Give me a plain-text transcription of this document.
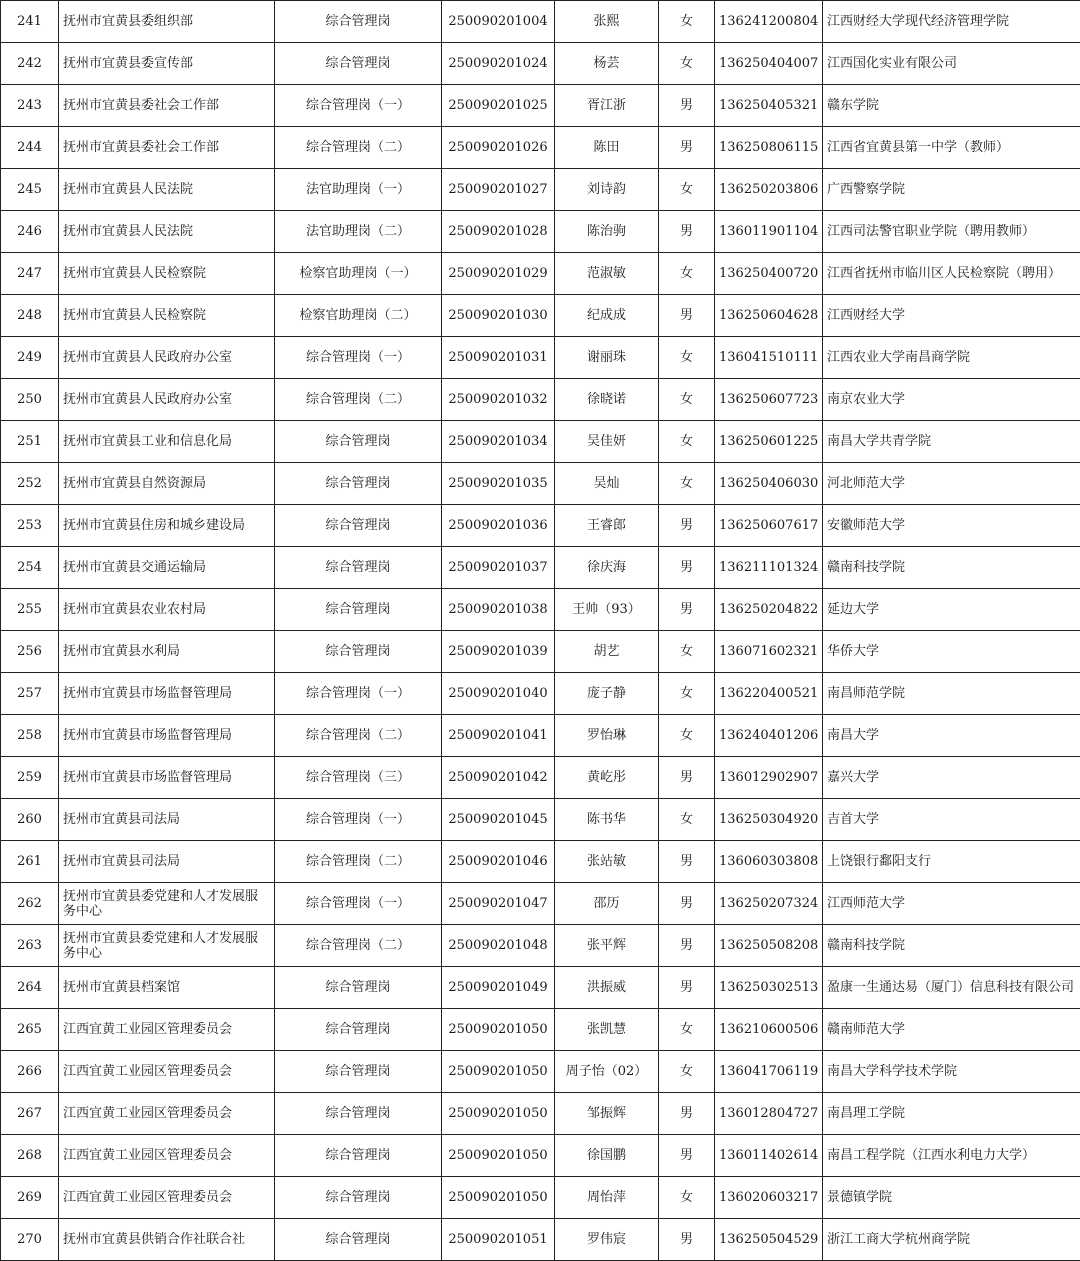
241	抚州市宜黄县委组织部	综合管理岗	250090201004	张熙	女	136241200804	江西财经大学现代经济管理学院
242	抚州市宜黄县委宣传部	综合管理岗	250090201024	杨芸	女	136250404007	江西国化实业有限公司
243	抚州市宜黄县委社会工作部	综合管理岗（一）	250090201025	胥江浙	男	136250405321	赣东学院
244	抚州市宜黄县委社会工作部	综合管理岗（二）	250090201026	陈田	男	136250806115	江西省宜黄县第一中学（教师）
245	抚州市宜黄县人民法院	法官助理岗（一）	250090201027	刘诗韵	女	136250203806	广西警察学院
246	抚州市宜黄县人民法院	法官助理岗（二）	250090201028	陈治驹	男	136011901104	江西司法警官职业学院（聘用教师）
247	抚州市宜黄县人民检察院	检察官助理岗（一）	250090201029	范淑敏	女	136250400720	江西省抚州市临川区人民检察院（聘用）
248	抚州市宜黄县人民检察院	检察官助理岗（二）	250090201030	纪成成	男	136250604628	江西财经大学
249	抚州市宜黄县人民政府办公室	综合管理岗（一）	250090201031	谢丽珠	女	136041510111	江西农业大学南昌商学院
250	抚州市宜黄县人民政府办公室	综合管理岗（二）	250090201032	徐晓诺	女	136250607723	南京农业大学
251	抚州市宜黄县工业和信息化局	综合管理岗	250090201034	吴佳妍	女	136250601225	南昌大学共青学院
252	抚州市宜黄县自然资源局	综合管理岗	250090201035	吴灿	女	136250406030	河北师范大学
253	抚州市宜黄县住房和城乡建设局	综合管理岗	250090201036	王睿郎	男	136250607617	安徽师范大学
254	抚州市宜黄县交通运输局	综合管理岗	250090201037	徐庆海	男	136211101324	赣南科技学院
255	抚州市宜黄县农业农村局	综合管理岗	250090201038	王帅（93）	男	136250204822	延边大学
256	抚州市宜黄县水利局	综合管理岗	250090201039	胡艺	女	136071602321	华侨大学
257	抚州市宜黄县市场监督管理局	综合管理岗（一）	250090201040	庞子静	女	136220400521	南昌师范学院
258	抚州市宜黄县市场监督管理局	综合管理岗（二）	250090201041	罗怡琳	女	136240401206	南昌大学
259	抚州市宜黄县市场监督管理局	综合管理岗（三）	250090201042	黄屹彤	男	136012902907	嘉兴大学
260	抚州市宜黄县司法局	综合管理岗（一）	250090201045	陈书华	女	136250304920	吉首大学
261	抚州市宜黄县司法局	综合管理岗（二）	250090201046	张站敏	男	136060303808	上饶银行鄱阳支行
262	抚州市宜黄县委党建和人才发展服务中心	综合管理岗（一）	250090201047	邵历	男	136250207324	江西师范大学
263	抚州市宜黄县委党建和人才发展服务中心	综合管理岗（二）	250090201048	张平辉	男	136250508208	赣南科技学院
264	抚州市宜黄县档案馆	综合管理岗	250090201049	洪振威	男	136250302513	盈康一生通达易（厦门）信息科技有限公司
265	江西宜黄工业园区管理委员会	综合管理岗	250090201050	张凯慧	女	136210600506	赣南师范大学
266	江西宜黄工业园区管理委员会	综合管理岗	250090201050	周子怡（02）	女	136041706119	南昌大学科学技术学院
267	江西宜黄工业园区管理委员会	综合管理岗	250090201050	邹振辉	男	136012804727	南昌理工学院
268	江西宜黄工业园区管理委员会	综合管理岗	250090201050	徐国鹏	男	136011402614	南昌工程学院（江西水利电力大学）
269	江西宜黄工业园区管理委员会	综合管理岗	250090201050	周怡萍	女	136020603217	景德镇学院
270	抚州市宜黄县供销合作社联合社	综合管理岗	250090201051	罗伟宸	男	136250504529	浙江工商大学杭州商学院
